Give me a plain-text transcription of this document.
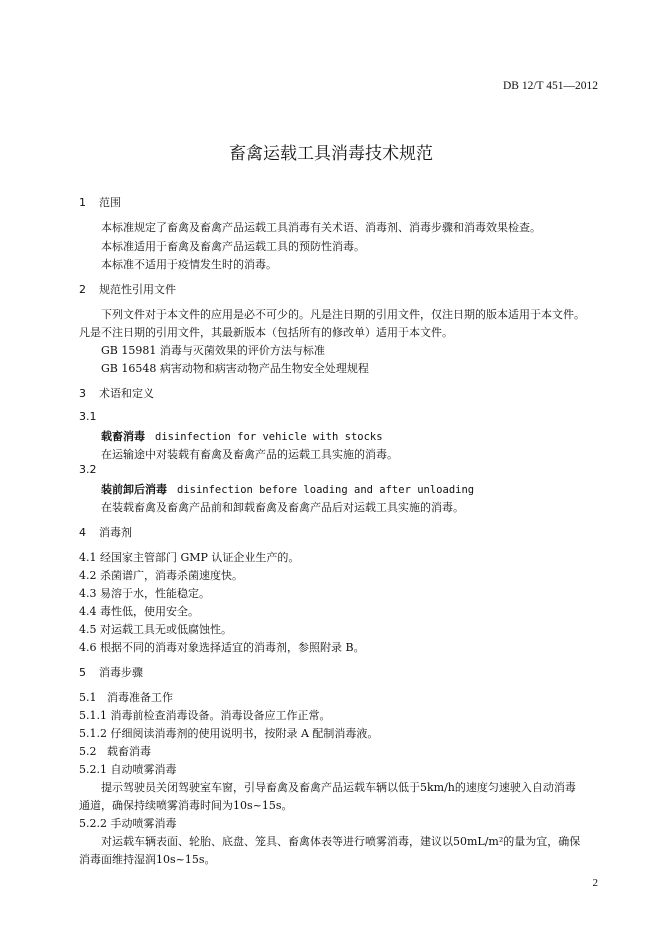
DB 12/T 451—2012
畜禽运载工具消毒技术规范
1 范围
本标准规定了畜禽及畜禽产品运载工具消毒有关术语、消毒剂、消毒步骤和消毒效果检查。
本标准适用于畜禽及畜禽产品运载工具的预防性消毒。
本标准不适用于疫情发生时的消毒。
2 规范性引用文件
下列文件对于本文件的应用是必不可少的。凡是注日期的引用文件，仅注日期的版本适用于本文件。
凡是不注日期的引用文件，其最新版本（包括所有的修改单）适用于本文件。
GB 15981 消毒与灭菌效果的评价方法与标准
GB 16548 病害动物和病害动物产品生物安全处理规程
3 术语和定义
3.1
载畜消毒 disinfection for vehicle with stocks
在运输途中对装载有畜禽及畜禽产品的运载工具实施的消毒。
3.2
装前卸后消毒 disinfection before loading and after unloading
在装载畜禽及畜禽产品前和卸载畜禽及畜禽产品后对运载工具实施的消毒。
4 消毒剂
4.1 经国家主管部门 GMP 认证企业生产的。
4.2 杀菌谱广，消毒杀菌速度快。
4.3 易溶于水，性能稳定。
4.4 毒性低，使用安全。
4.5 对运载工具无或低腐蚀性。
4.6 根据不同的消毒对象选择适宜的消毒剂，参照附录 B。
5 消毒步骤
5.1   消毒准备工作
5.1.1 消毒前检查消毒设备。消毒设备应工作正常。
5.1.2 仔细阅读消毒剂的使用说明书，按附录 A 配制消毒液。
5.2   载畜消毒
5.2.1 自动喷雾消毒
提示驾驶员关闭驾驶室车窗，引导畜禽及畜禽产品运载车辆以低于5km/h的速度匀速驶入自动消毒
通道，确保持续喷雾消毒时间为10s~15s。
5.2.2 手动喷雾消毒
对运载车辆表面、轮胎、底盘、笼具、畜禽体表等进行喷雾消毒，建议以50mL/m²的量为宜，确保
消毒面维持湿润10s~15s。
2
